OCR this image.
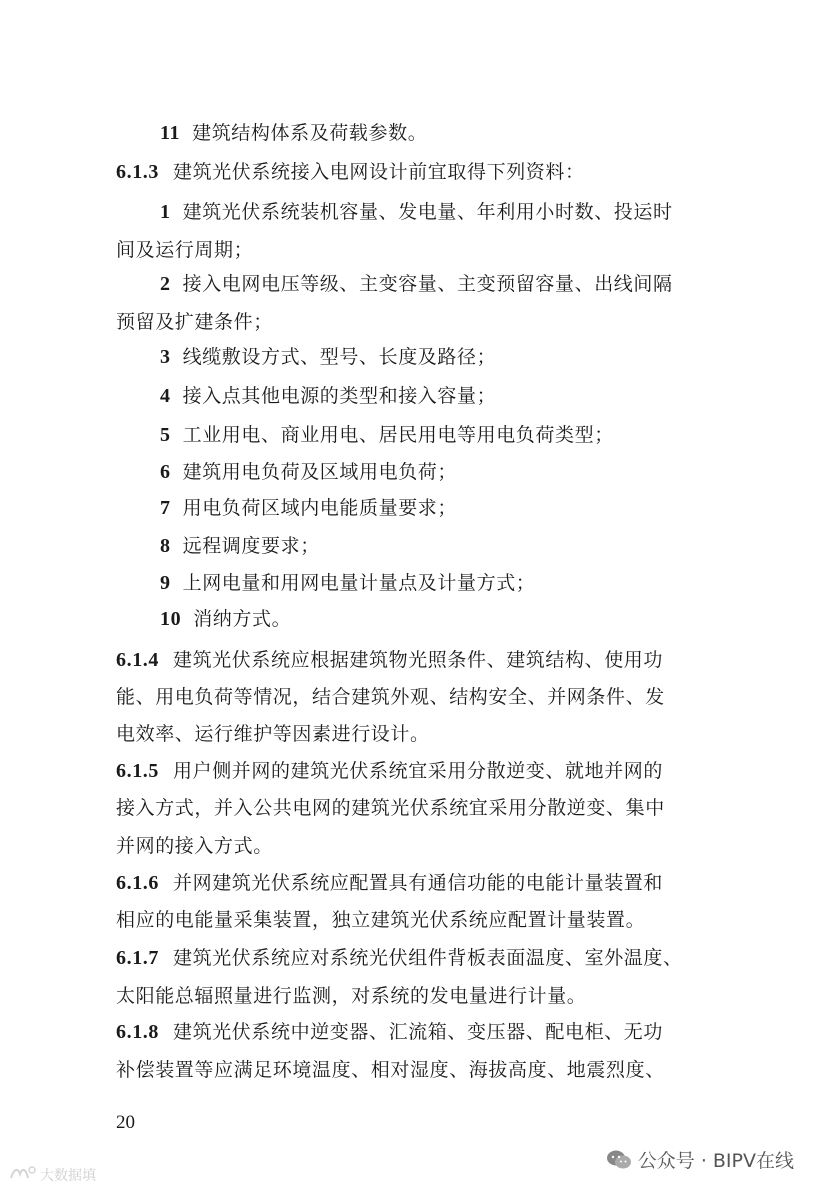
11 建筑结构体系及荷载参数。
6.1.3 建筑光伏系统接入电网设计前宜取得下列资料：
1 建筑光伏系统装机容量、发电量、年利用小时数、投运时
间及运行周期；
2 接入电网电压等级、主变容量、主变预留容量、出线间隔
预留及扩建条件；
3 线缆敷设方式、型号、长度及路径；
4 接入点其他电源的类型和接入容量；
5 工业用电、商业用电、居民用电等用电负荷类型；
6 建筑用电负荷及区域用电负荷；
7 用电负荷区域内电能质量要求；
8 远程调度要求；
9 上网电量和用网电量计量点及计量方式；
10 消纳方式。
6.1.4 建筑光伏系统应根据建筑物光照条件、建筑结构、使用功
能、用电负荷等情况，结合建筑外观、结构安全、并网条件、发
电效率、运行维护等因素进行设计。
6.1.5 用户侧并网的建筑光伏系统宜采用分散逆变、就地并网的
接入方式，并入公共电网的建筑光伏系统宜采用分散逆变、集中
并网的接入方式。
6.1.6 并网建筑光伏系统应配置具有通信功能的电能计量装置和
相应的电能量采集装置，独立建筑光伏系统应配置计量装置。
6.1.7 建筑光伏系统应对系统光伏组件背板表面温度、室外温度、
太阳能总辐照量进行监测，对系统的发电量进行计量。
6.1.8 建筑光伏系统中逆变器、汇流箱、变压器、配电柜、无功
补偿装置等应满足环境温度、相对湿度、海拔高度、地震烈度、
20
公众号 · BIPV在线
大数据填
